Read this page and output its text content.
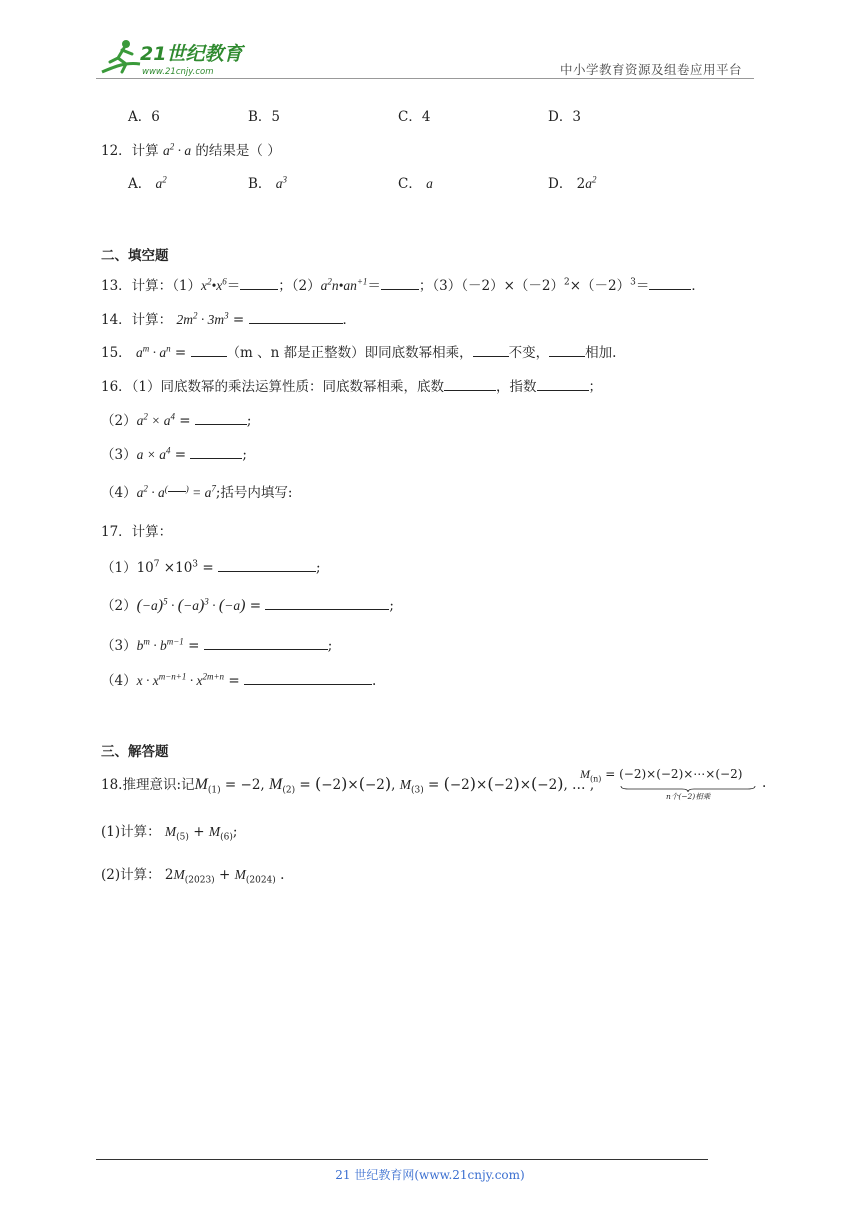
21世纪教育
www.21cnjy.com	中小学教育资源及组卷应用平台
A．6	B．5	C．4	D．3
12．计算 $a^2 \cdot a$ 的结果是（ ）
A． $a^2$	B． $a^3$	C． a	D． $2a^2$
二、填空题
13．计算：$(1)x^2•x^6=$	；$(2)a^2n•an^{+1}=$	；$(3)(-2)\times(-2)^2\times(-2)^3=$	．
14．计算： $2m^2 \cdot 3m^3$ =	．
15． $a^m \cdot a^n$ =	（m 、n 都是正整数）即同底数幂相乘，	不变，	相加.
16．（1）同底数幂的乘法运算性质：同底数幂相乘，底数	，指数	；
$(2)a^2 \times a^4$ =	;
$(3)a \times a^4$ =	;
$(4)a^2 \cdot a^{( )} = a^7$;括号内填写:
17．计算：
$(1)10^7 \times 10^3$ =	;
$(2)(-a)^5 \cdot (-a)^3 \cdot (-a)$ =	;
$(3)b^m \cdot b^{m-1}$ =	;
$(4)x \cdot x^{m-n+1} \cdot x^{2m+n}$ =	.
三、解答题
18.推理意识:记$M_{(1)} = -2$, $M_{(2)} = (-2)\times(-2)$, $M_{(3)} = (-2)\times(-2)\times(-2)$, … ,
$M_{(n)}$ = (−2)×(−2)×⋯×(−2)
n个(−2)相乘
.
(1)计算： $M_{(5)} + M_{(6)}$;
(2)计算： $2M_{(2023)} + M_{(2024)}$ .
21 世纪教育网(www.21cnjy.com)
